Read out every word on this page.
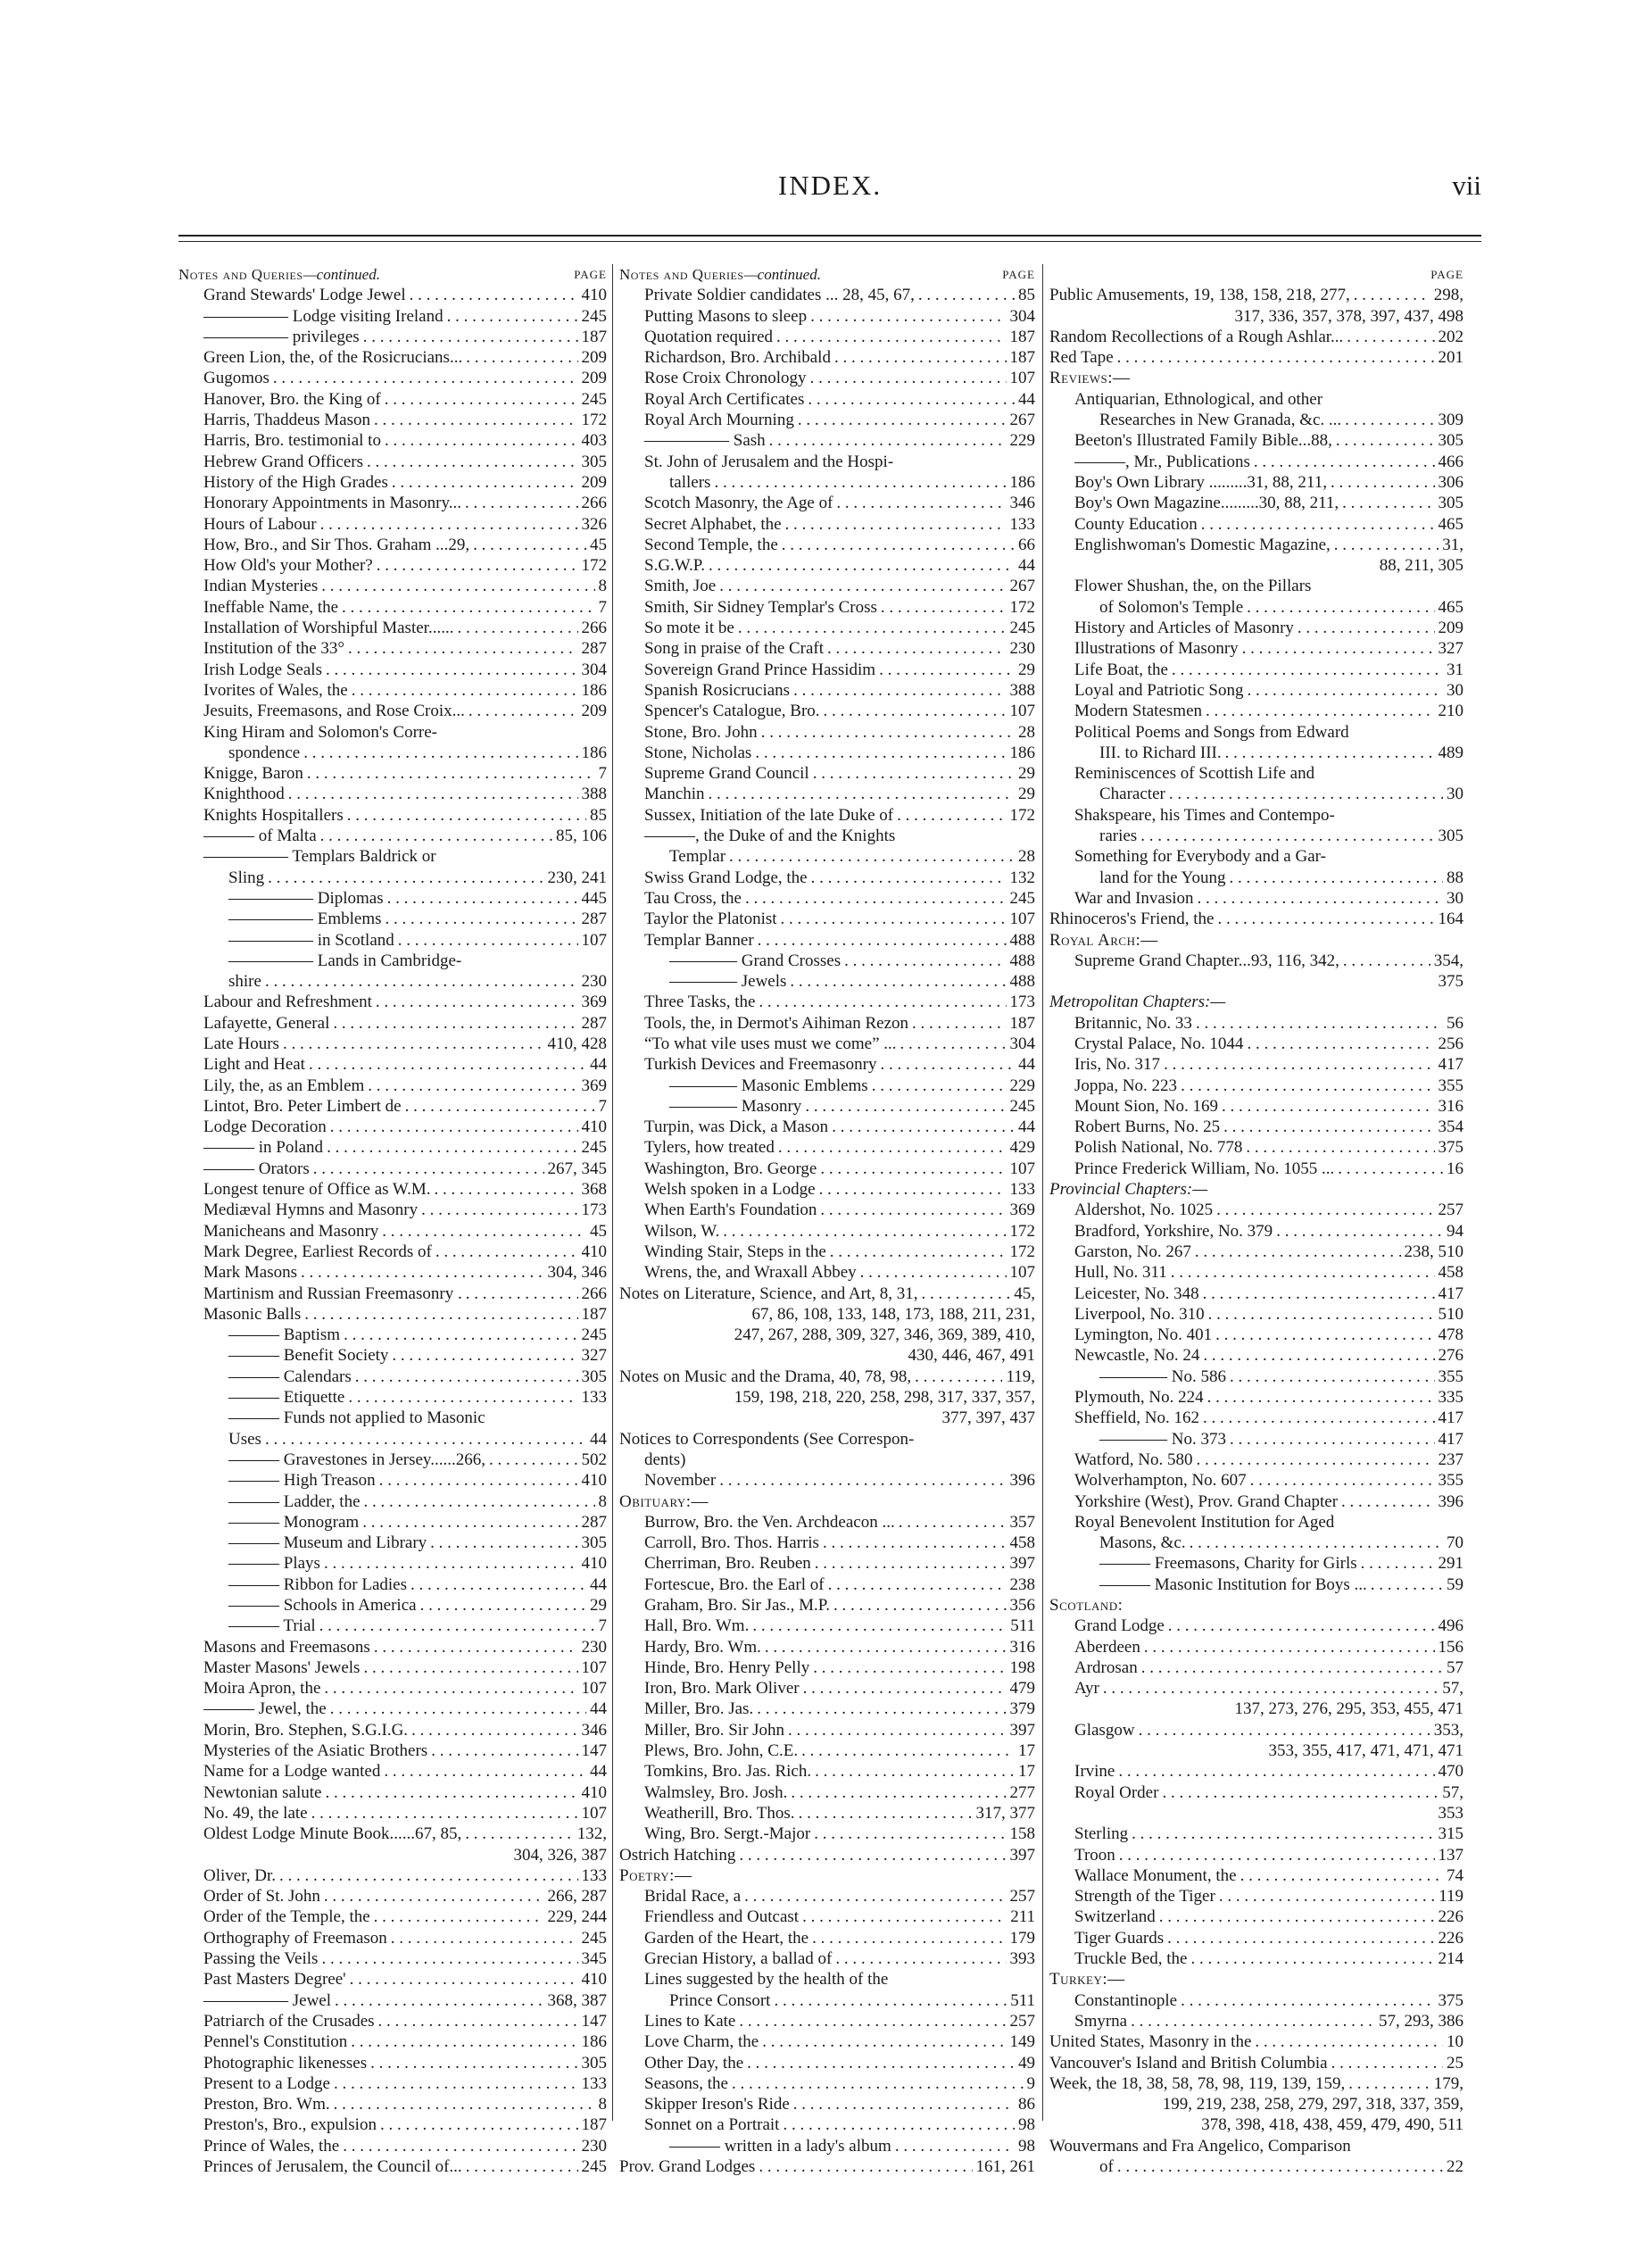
INDEX.	vii
Notes and Queries—continued.	PAGE
Grand Stewards' Lodge Jewel . . .	410
————— Lodge visiting Ireland . . .	245
————— privileges . . .	187
Green Lion, the, of the Rosicrucians... . . .	209
Gugomos . . .	209
Hanover, Bro. the King of . . .	245
Harris, Thaddeus Mason . . .	172
Harris, Bro. testimonial to . . .	403
Hebrew Grand Officers . . .	305
History of the High Grades . . .	209
Honorary Appointments in Masonry... . . .	266
Hours of Labour . . .	326
How, Bro., and Sir Thos. Graham ...29, . . .	45
How Old's your Mother? . . .	172
Indian Mysteries . . .	8
Ineffable Name, the . . .	7
Installation of Worshipful Master...... . . .	266
Institution of the 33° . . .	287
Irish Lodge Seals . . .	304
Ivorites of Wales, the . . .	186
Jesuits, Freemasons, and Rose Croix... . . .	209
King Hiram and Solomon's Corre-
spondence . . .	186
Knigge, Baron . . .	7
Knighthood . . .	388
Knights Hospitallers . . .	85
——— of Malta . . .	85, 106
————— Templars Baldrick or
Sling . . .	230, 241
————— Diplomas . . .	445
————— Emblems . . .	287
————— in Scotland . . .	107
————— Lands in Cambridge-
shire . . .	230
Labour and Refreshment . . .	369
Lafayette, General . . .	287
Late Hours . . .	410, 428
Light and Heat . . .	44
Lily, the, as an Emblem . . .	369
Lintot, Bro. Peter Limbert de . . .	7
Lodge Decoration . . .	410
——— in Poland . . .	245
——— Orators . . .	267, 345
Longest tenure of Office as W.M. . . .	368
Mediæval Hymns and Masonry . . .	173
Manicheans and Masonry . . .	45
Mark Degree, Earliest Records of . . .	410
Mark Masons . . .	304, 346
Martinism and Russian Freemasonry . . . .	266
Masonic Balls . . .	187
——— Baptism . . .	245
——— Benefit Society . . .	327
——— Calendars . . .	305
——— Etiquette . . .	133
——— Funds not applied to Masonic
Uses . . .	44
——— Gravestones in Jersey......266, . . .	502
——— High Treason . . .	410
——— Ladder, the . . .	8
——— Monogram . . .	287
——— Museum and Library . . .	305
——— Plays . . .	410
——— Ribbon for Ladies . . .	44
——— Schools in America . . .	29
——— Trial . . .	7
Masons and Freemasons . . .	230
Master Masons' Jewels . . .	107
Moira Apron, the . . .	107
——— Jewel, the . . .	44
Morin, Bro. Stephen, S.G.I.G. . . .	346
Mysteries of the Asiatic Brothers . . .	147
Name for a Lodge wanted . . .	44
Newtonian salute . . .	410
No. 49, the late . . .	107
Oldest Lodge Minute Book......67, 85, . . .	132,
304, 326, 387
Oliver, Dr. . . .	133
Order of St. John . . .	266, 287
Order of the Temple, the . . .	229, 244
Orthography of Freemason . . .	245
Passing the Veils . . .	345
Past Masters Degree' . . .	410
————— Jewel . . .	368, 387
Patriarch of the Crusades . . .	147
Pennel's Constitution . . .	186
Photographic likenesses . . .	305
Present to a Lodge . . .	133
Preston, Bro. Wm. . . .	8
Preston's, Bro., expulsion . . .	187
Prince of Wales, the . . .	230
Princes of Jerusalem, the Council of... . . .	245
Notes and Queries—continued.	PAGE
Private Soldier candidates ... 28, 45, 67, . . .	85
Putting Masons to sleep . . .	304
Quotation required . . .	187
Richardson, Bro. Archibald . . .	187
Rose Croix Chronology . . .	107
Royal Arch Certificates . . .	44
Royal Arch Mourning . . .	267
————— Sash . . .	229
St. John of Jerusalem and the Hospi-
tallers . . .	186
Scotch Masonry, the Age of . . .	346
Secret Alphabet, the . . .	133
Second Temple, the . . .	66
S.G.W.P. . . .	44
Smith, Joe . . .	267
Smith, Sir Sidney Templar's Cross . . .	172
So mote it be . . .	245
Song in praise of the Craft . . .	230
Sovereign Grand Prince Hassidim . . .	29
Spanish Rosicrucians . . .	388
Spencer's Catalogue, Bro. . . .	107
Stone, Bro. John . . .	28
Stone, Nicholas . . .	186
Supreme Grand Council . . .	29
Manchin . . .	29
Sussex, Initiation of the late Duke of . . .	172
———, the Duke of and the Knights
Templar . . .	28
Swiss Grand Lodge, the . . .	132
Tau Cross, the . . .	245
Taylor the Platonist . . .	107
Templar Banner . . .	488
———— Grand Crosses . . .	488
———— Jewels . . .	488
Three Tasks, the . . .	173
Tools, the, in Dermot's Aihiman Rezon . . .	187
“To what vile uses must we come” ... . . .	304
Turkish Devices and Freemasonry . . .	44
———— Masonic Emblems . . .	229
———— Masonry . . .	245
Turpin, was Dick, a Mason . . .	44
Tylers, how treated . . .	429
Washington, Bro. George . . .	107
Welsh spoken in a Lodge . . .	133
When Earth's Foundation . . .	369
Wilson, W. . . .	172
Winding Stair, Steps in the . . .	172
Wrens, the, and Wraxall Abbey . . .	107
Notes on Literature, Science, and Art, 8, 31, . . .	45,
67, 86, 108, 133, 148, 173, 188, 211, 231,
247, 267, 288, 309, 327, 346, 369, 389, 410,
430, 446, 467, 491
Notes on Music and the Drama, 40, 78, 98, . . .	119,
159, 198, 218, 220, 258, 298, 317, 337, 357,
377, 397, 437
Notices to Correspondents (See Correspon-
dents)
November . . .	396
Obituary:—
Burrow, Bro. the Ven. Archdeacon ... . . .	357
Carroll, Bro. Thos. Harris . . .	458
Cherriman, Bro. Reuben . . .	397
Fortescue, Bro. the Earl of . . .	238
Graham, Bro. Sir Jas., M.P. . . .	356
Hall, Bro. Wm. . . .	511
Hardy, Bro. Wm. . . .	316
Hinde, Bro. Henry Pelly . . .	198
Iron, Bro. Mark Oliver . . .	479
Miller, Bro. Jas. . . .	379
Miller, Bro. Sir John . . .	397
Plews, Bro. John, C.E. . . .	17
Tomkins, Bro. Jas. Rich. . . .	17
Walmsley, Bro. Josh. . . .	277
Weatherill, Bro. Thos. . . .	317, 377
Wing, Bro. Sergt.-Major . . .	158
Ostrich Hatching . . .	397
Poetry:—
Bridal Race, a . . .	257
Friendless and Outcast . . .	211
Garden of the Heart, the . . .	179
Grecian History, a ballad of . . .	393
Lines suggested by the health of the
Prince Consort . . .	511
Lines to Kate . . .	257
Love Charm, the . . .	149
Other Day, the . . .	49
Seasons, the . . .	9
Skipper Ireson's Ride . . .	86
Sonnet on a Portrait . . .	98
——— written in a lady's album . . .	98
Prov. Grand Lodges . . .	161, 261
PAGE
Public Amusements, 19, 138, 158, 218, 277, . . .	298,
317, 336, 357, 378, 397, 437, 498
Random Recollections of a Rough Ashlar... . . .	202
Red Tape . . .	201
Reviews:—
Antiquarian, Ethnological, and other
Researches in New Granada, &c. ... . . .	309
Beeton's Illustrated Family Bible...88, . . .	305
———, Mr., Publications . . .	466
Boy's Own Library .........31, 88, 211, . . .	306
Boy's Own Magazine.........30, 88, 211, . . .	305
County Education . . .	465
Englishwoman's Domestic Magazine, . . .	31,
88, 211, 305
Flower Shushan, the, on the Pillars
of Solomon's Temple . . .	465
History and Articles of Masonry . . .	209
Illustrations of Masonry . . .	327
Life Boat, the . . .	31
Loyal and Patriotic Song . . .	30
Modern Statesmen . . .	210
Political Poems and Songs from Edward
III. to Richard III. . . .	489
Reminiscences of Scottish Life and
Character . . .	30
Shakspeare, his Times and Contempo-
raries . . .	305
Something for Everybody and a Gar-
land for the Young . . .	88
War and Invasion . . .	30
Rhinoceros's Friend, the . . .	164
Royal Arch:—
Supreme Grand Chapter...93, 116, 342, . . .	354,
375
Metropolitan Chapters:—
Britannic, No. 33 . . .	56
Crystal Palace, No. 1044 . . .	256
Iris, No. 317 . . .	417
Joppa, No. 223 . . .	355
Mount Sion, No. 169 . . .	316
Robert Burns, No. 25 . . .	354
Polish National, No. 778 . . .	375
Prince Frederick William, No. 1055 ... . . .	16
Provincial Chapters:—
Aldershot, No. 1025 . . .	257
Bradford, Yorkshire, No. 379 . . .	94
Garston, No. 267 . . .	238, 510
Hull, No. 311 . . .	458
Leicester, No. 348 . . .	417
Liverpool, No. 310 . . .	510
Lymington, No. 401 . . .	478
Newcastle, No. 24 . . .	276
———— No. 586 . . .	355
Plymouth, No. 224 . . .	335
Sheffield, No. 162 . . .	417
———— No. 373 . . .	417
Watford, No. 580 . . .	237
Wolverhampton, No. 607 . . .	355
Yorkshire (West), Prov. Grand Chapter . . .	396
Royal Benevolent Institution for Aged
Masons, &c. . . .	70
——— Freemasons, Charity for Girls . . .	291
——— Masonic Institution for Boys ... . . .	59
Scotland:
Grand Lodge . . .	496
Aberdeen . . .	156
Ardrosan . . .	57
Ayr . . .	57,
137, 273, 276, 295, 353, 455, 471
Glasgow . . .	353,
353, 355, 417, 471, 471, 471
Irvine . . .	470
Royal Order . . .	57,
353
Sterling . . .	315
Troon . . .	137
Wallace Monument, the . . .	74
Strength of the Tiger . . .	119
Switzerland . . .	226
Tiger Guards . . .	226
Truckle Bed, the . . .	214
Turkey:—
Constantinople . . .	375
Smyrna . . .	57, 293, 386
United States, Masonry in the . . .	10
Vancouver's Island and British Columbia . . .	25
Week, the 18, 38, 58, 78, 98, 119, 139, 159, . . .	179,
199, 219, 238, 258, 279, 297, 318, 337, 359,
378, 398, 418, 438, 459, 479, 490, 511
Wouvermans and Fra Angelico, Comparison
of . . .	22
